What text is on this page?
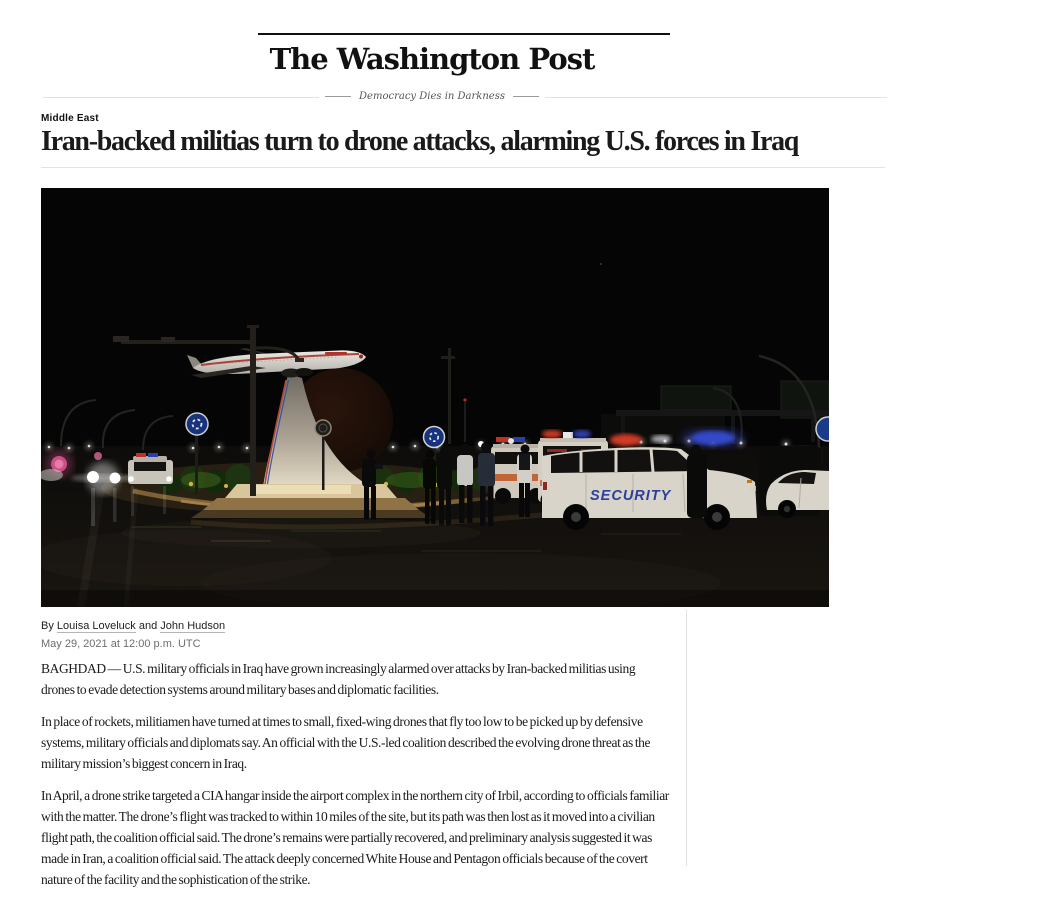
The Washington Post
Democracy Dies in Darkness
Middle East
Iran-backed militias turn to drone attacks, alarming U.S. forces in Iraq
SECURITY
By Louisa Loveluck and John Hudson
May 29, 2021 at 12:00 p.m. UTC

BAGHDAD — U.S. military officials in Iraq have grown increasingly alarmed over attacks by Iran-backed militias using drones to evade detection systems around military bases and diplomatic facilities.

In place of rockets, militiamen have turned at times to small, fixed-wing drones that fly too low to be picked up by defensive systems, military officials and diplomats say. An official with the U.S.-led coalition described the evolving drone threat as the military mission’s biggest concern in Iraq.

In April, a drone strike targeted a CIA hangar inside the airport complex in the northern city of Irbil, according to officials familiar with the matter. The drone’s flight was tracked to within 10 miles of the site, but its path was then lost as it moved into a civilian flight path, the coalition official said. The drone’s remains were partially recovered, and preliminary analysis suggested it was made in Iran, a coalition official said. The attack deeply concerned White House and Pentagon officials because of the covert nature of the facility and the sophistication of the strike.
